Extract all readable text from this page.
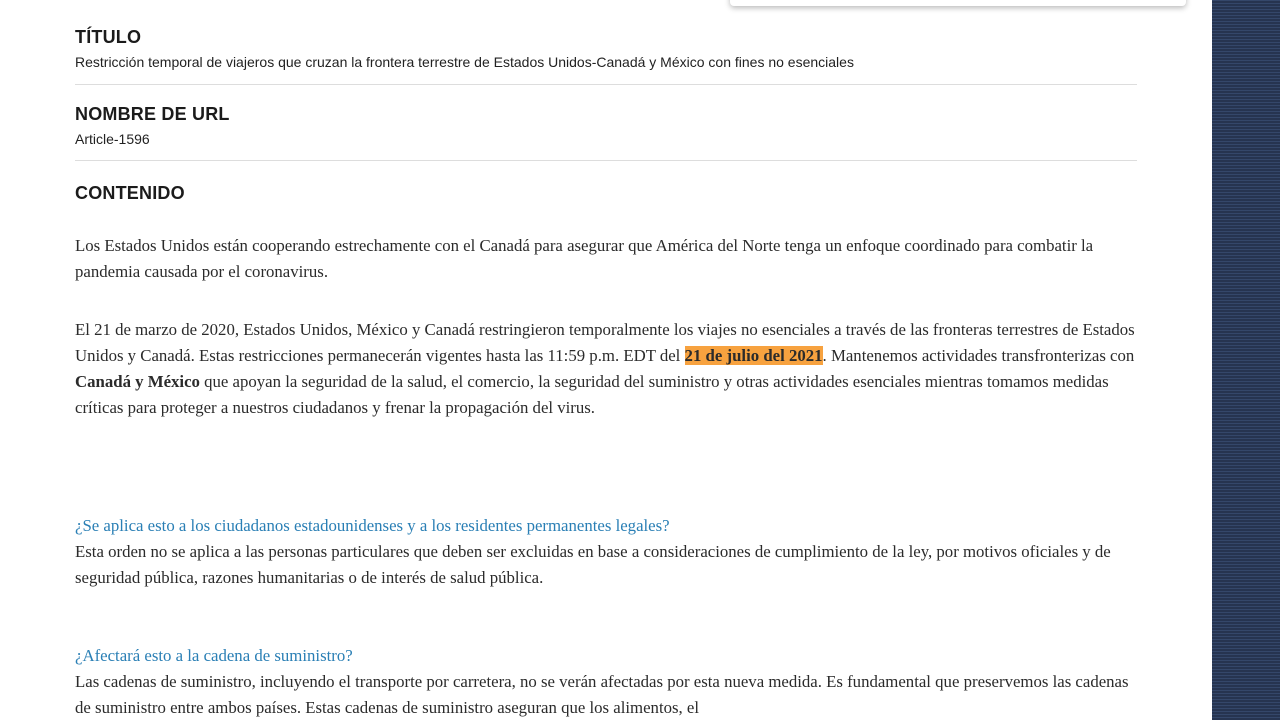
TÍTULO
Restricción temporal de viajeros que cruzan la frontera terrestre de Estados Unidos-Canadá y México con fines no esenciales
NOMBRE DE URL
Article-1596
CONTENIDO
Los Estados Unidos están cooperando estrechamente con el Canadá para asegurar que América del Norte tenga un enfoque coordinado para combatir la pandemia causada por el coronavirus.
El 21 de marzo de 2020, Estados Unidos, México y Canadá restringieron temporalmente los viajes no esenciales a través de las fronteras terrestres de Estados Unidos y Canadá. Estas restricciones permanecerán vigentes hasta las 11:59 p.m. EDT del 21 de julio del 2021. Mantenemos actividades transfronterizas con Canadá y México que apoyan la seguridad de la salud, el comercio, la seguridad del suministro y otras actividades esenciales mientras tomamos medidas críticas para proteger a nuestros ciudadanos y frenar la propagación del virus.
¿Se aplica esto a los ciudadanos estadounidenses y a los residentes permanentes legales?
Esta orden no se aplica a las personas particulares que deben ser excluidas en base a consideraciones de cumplimiento de la ley, por motivos oficiales y de seguridad pública, razones humanitarias o de interés de salud pública.
¿Afectará esto a la cadena de suministro?
Las cadenas de suministro, incluyendo el transporte por carretera, no se verán afectadas por esta nueva medida. Es fundamental que preservemos las cadenas de suministro entre ambos países. Estas cadenas de suministro aseguran que los alimentos, el
